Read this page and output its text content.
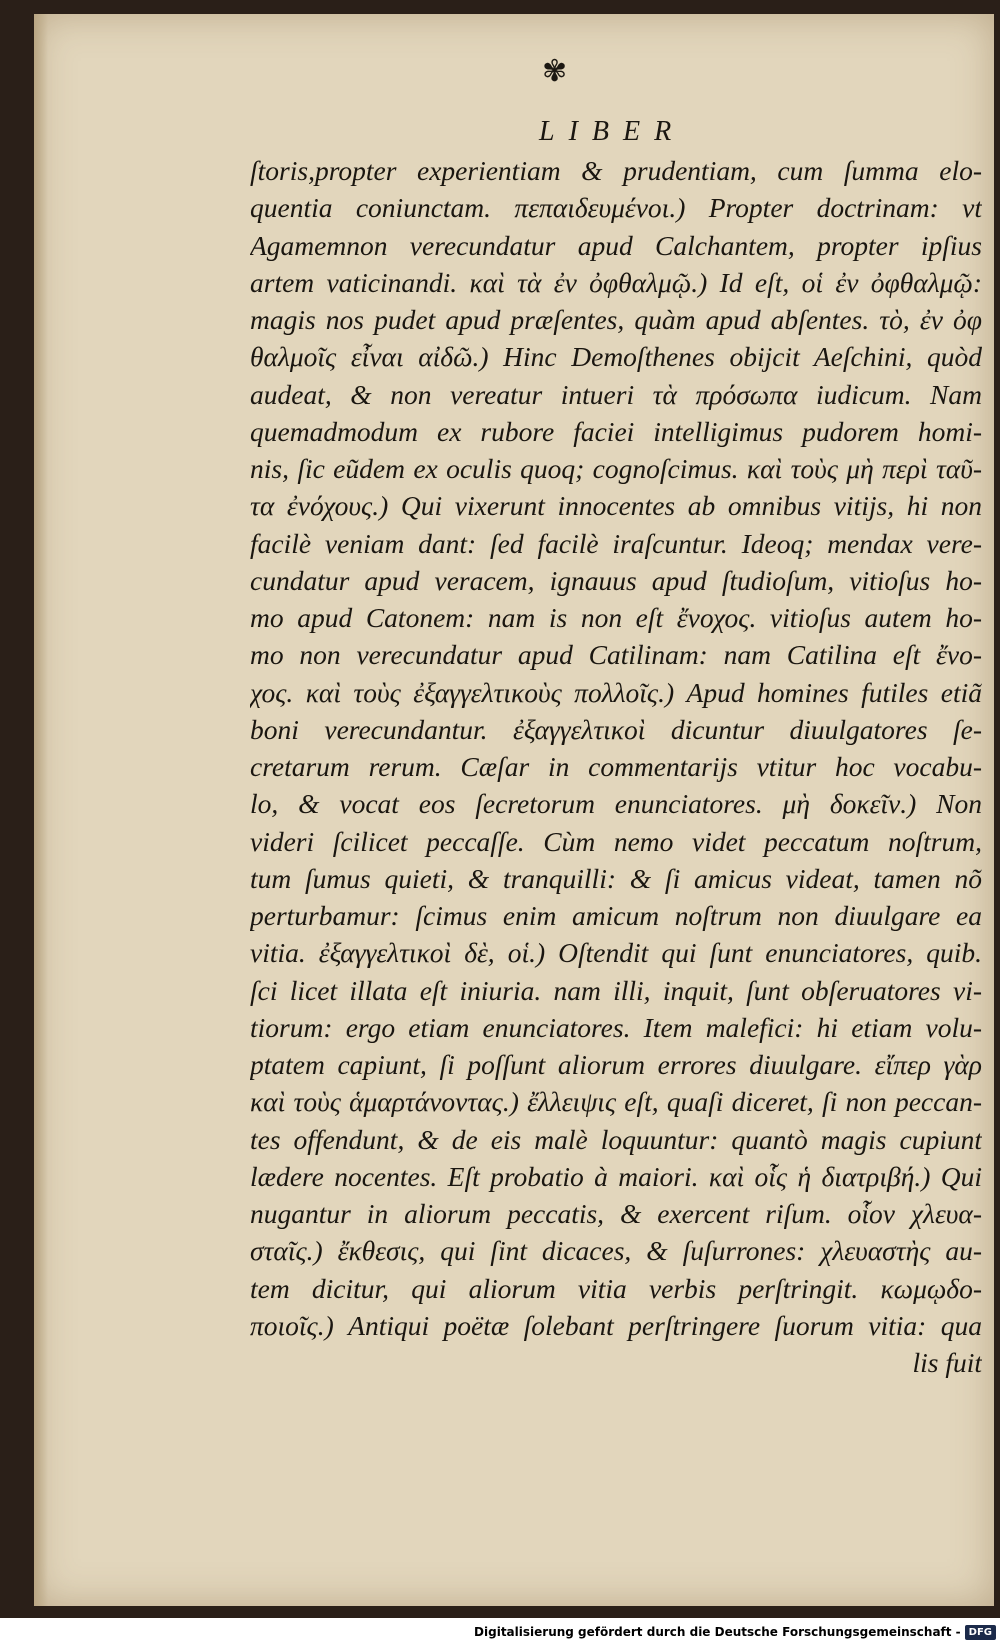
✾
LIBER
ſtoris,propter experientiam & prudentiam, cum ſumma elo-
quentia coniunctam. πεπαιδευμένοι.) Propter doctrinam: vt
Agamemnon verecundatur apud Calchantem, propter ipſius
artem vaticinandi. καὶ τὰ ἐν ὀφθαλμῷ.) Id eſt, οἱ ἐν ὀφθαλμῷ:
magis nos pudet apud præſentes, quàm apud abſentes. τὸ, ἐν ὀφ
θαλμοῖς εἶναι αἰδῶ.) Hinc Demoſthenes obijcit Aeſchini, quòd
audeat, & non vereatur intueri τὰ πρόσωπα iudicum. Nam
quemadmodum ex rubore faciei intelligimus pudorem homi-
nis, ſic eũdem ex oculis quoq; cognoſcimus. καὶ τοὺς μὴ περὶ ταῦ-
τα ἐνόχους.) Qui vixerunt innocentes ab omnibus vitijs, hi non
facilè veniam dant: ſed facilè iraſcuntur. Ideoq; mendax vere-
cundatur apud veracem, ignauus apud ſtudioſum, vitioſus ho-
mo apud Catonem: nam is non eſt ἔνοχος. vitioſus autem ho-
mo non verecundatur apud Catilinam: nam Catilina eſt ἔνο-
χος. καὶ τοὺς ἐξαγγελτικοὺς πολλοῖς.) Apud homines futiles etiã
boni verecundantur. ἐξαγγελτικοὶ dicuntur diuulgatores ſe-
cretarum rerum. Cæſar in commentarijs vtitur hoc vocabu-
lo, & vocat eos ſecretorum enunciatores. μὴ δοκεῖν.) Non
videri ſcilicet peccaſſe. Cùm nemo videt peccatum noſtrum,
tum ſumus quieti, & tranquilli: & ſi amicus videat, tamen nõ
perturbamur: ſcimus enim amicum noſtrum non diuulgare ea
vitia. ἐξαγγελτικοὶ δὲ, οἱ.) Oſtendit qui ſunt enunciatores, quib.
ſci licet illata eſt iniuria. nam illi, inquit, ſunt obſeruatores vi-
tiorum: ergo etiam enunciatores. Item malefici: hi etiam volu-
ptatem capiunt, ſi poſſunt aliorum errores diuulgare. εἴπερ γὰρ
καὶ τοὺς ἁμαρτάνοντας.) ἔλλειψις eſt, quaſi diceret, ſi non peccan-
tes offendunt, & de eis malè loquuntur: quantò magis cupiunt
lædere nocentes. Eſt probatio à maiori. καὶ οἷς ἡ διατριβή.) Qui
nugantur in aliorum peccatis, & exercent riſum. οἷον χλευα-
σταῖς.) ἔκθεσις, qui ſint dicaces, & ſuſurrones: χλευαστὴς au-
tem dicitur, qui aliorum vitia verbis perſtringit. κωμῳδο-
ποιοῖς.) Antiqui poëtæ ſolebant perſtringere ſuorum vitia: qua
lis fuit
Digitalisierung gefördert durch die Deutsche Forschungsgemeinschaft - DFG
